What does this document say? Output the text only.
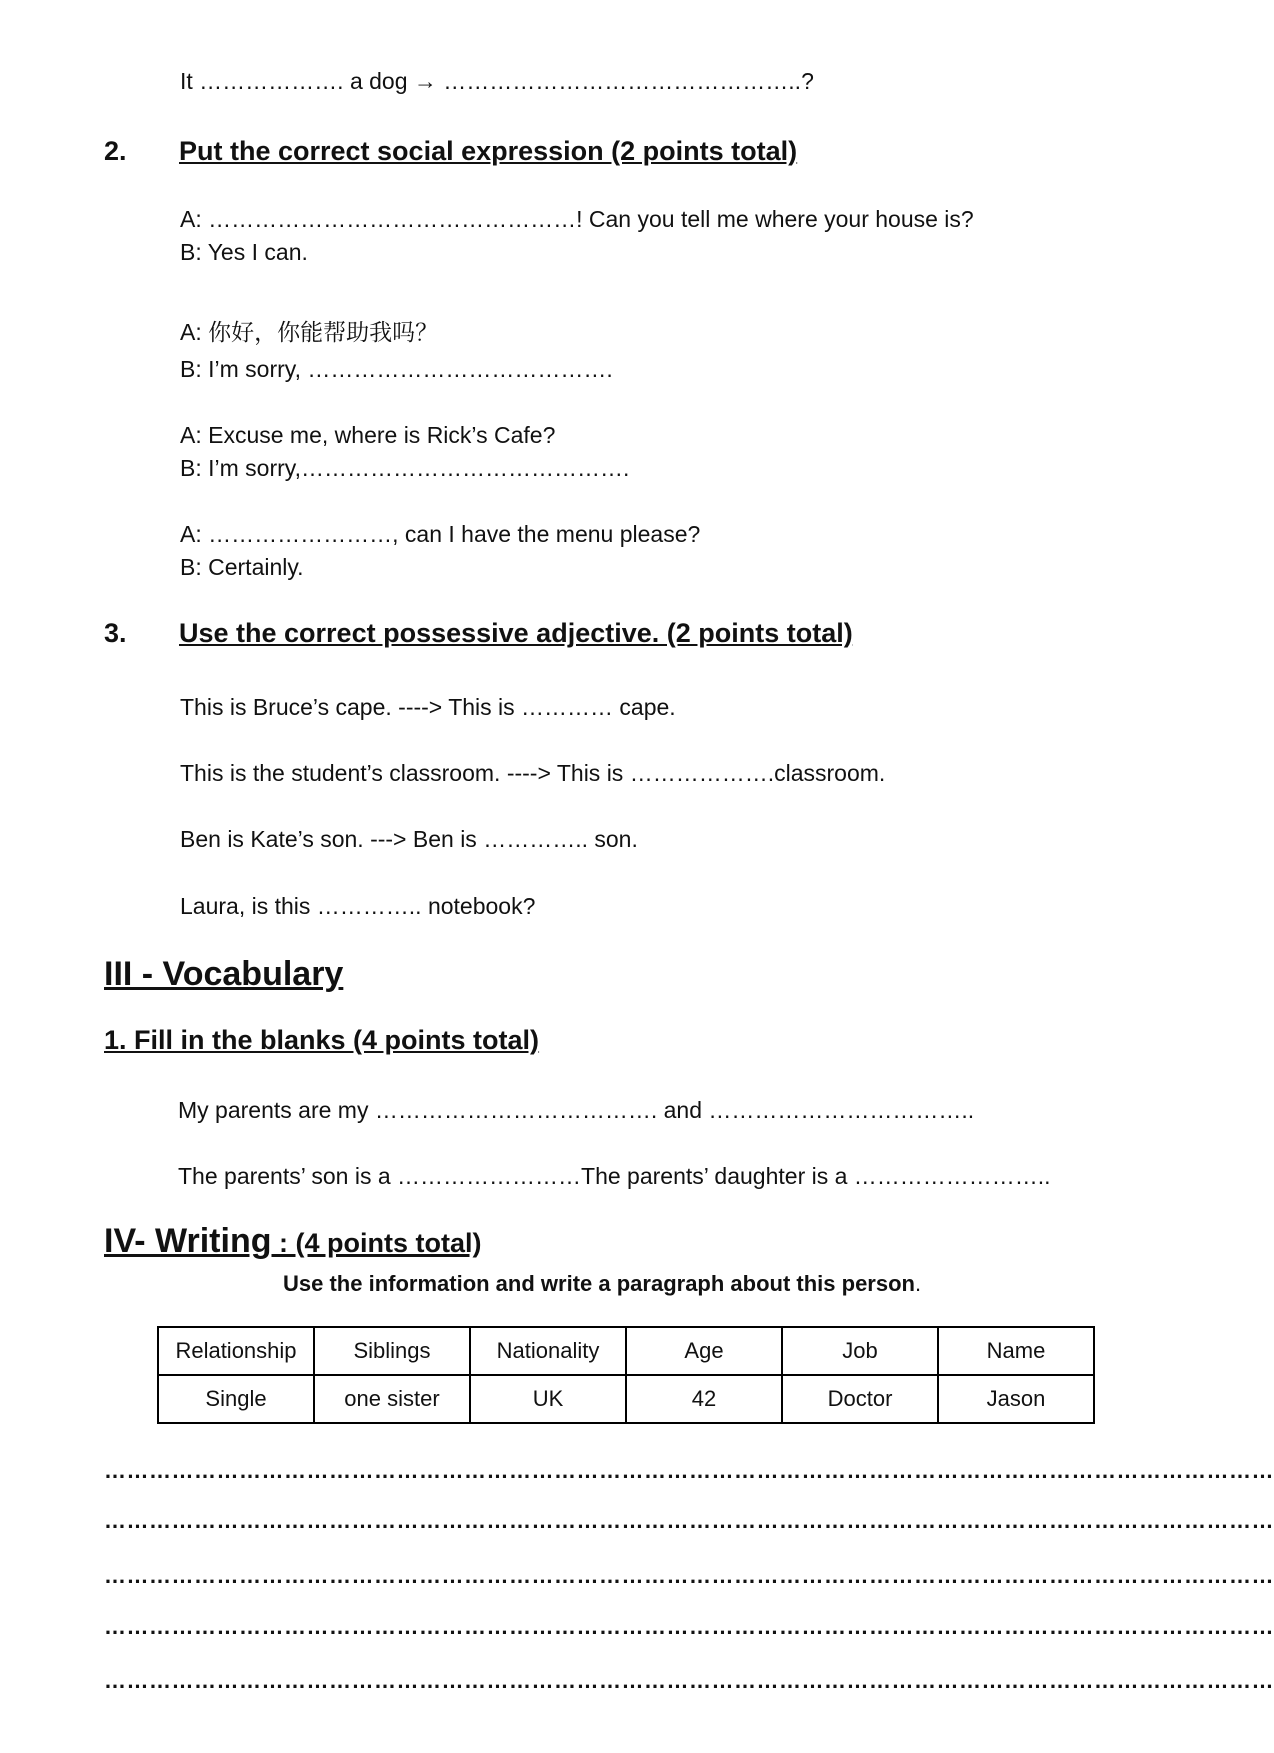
It ………………. a dog → ………………………………………..?
2. Put the correct social expression (2 points total)
A: …………………………………………! Can you tell me where your house is?
B: Yes I can.
A: 你好，你能帮助我吗？
B: I’m sorry, ………………………………….
A: Excuse me, where is Rick’s Cafe?
B: I’m sorry,…………………………………….
A: ……………………, can I have the menu please?
B: Certainly.
3. Use the correct possessive adjective. (2 points total)
This is Bruce’s cape. ----> This is ………… cape.
This is the student’s classroom. ----> This is ……………….classroom.
Ben is Kate’s son. ---> Ben is ………….. son.
Laura, is this ………….. notebook?
III - Vocabulary
1. Fill in the blanks (4 points total)
My parents are my ………………………………. and ……………………………..
The parents’ son is a ……………………The parents’ daughter is a ……………………..
IV- Writing : (4 points total)
Use the information and write a paragraph about this person.
Relationship	Siblings	Nationality	Age	Job	Name
Single	one sister	UK	42	Doctor	Jason
…………………………………………………………………………………………………………………………………………
…………………………………………………………………………………………………………………………………………
…………………………………………………………………………………………………………………………………………
…………………………………………………………………………………………………………………………………………
…………………………………………………………………………………………………………………………………………
